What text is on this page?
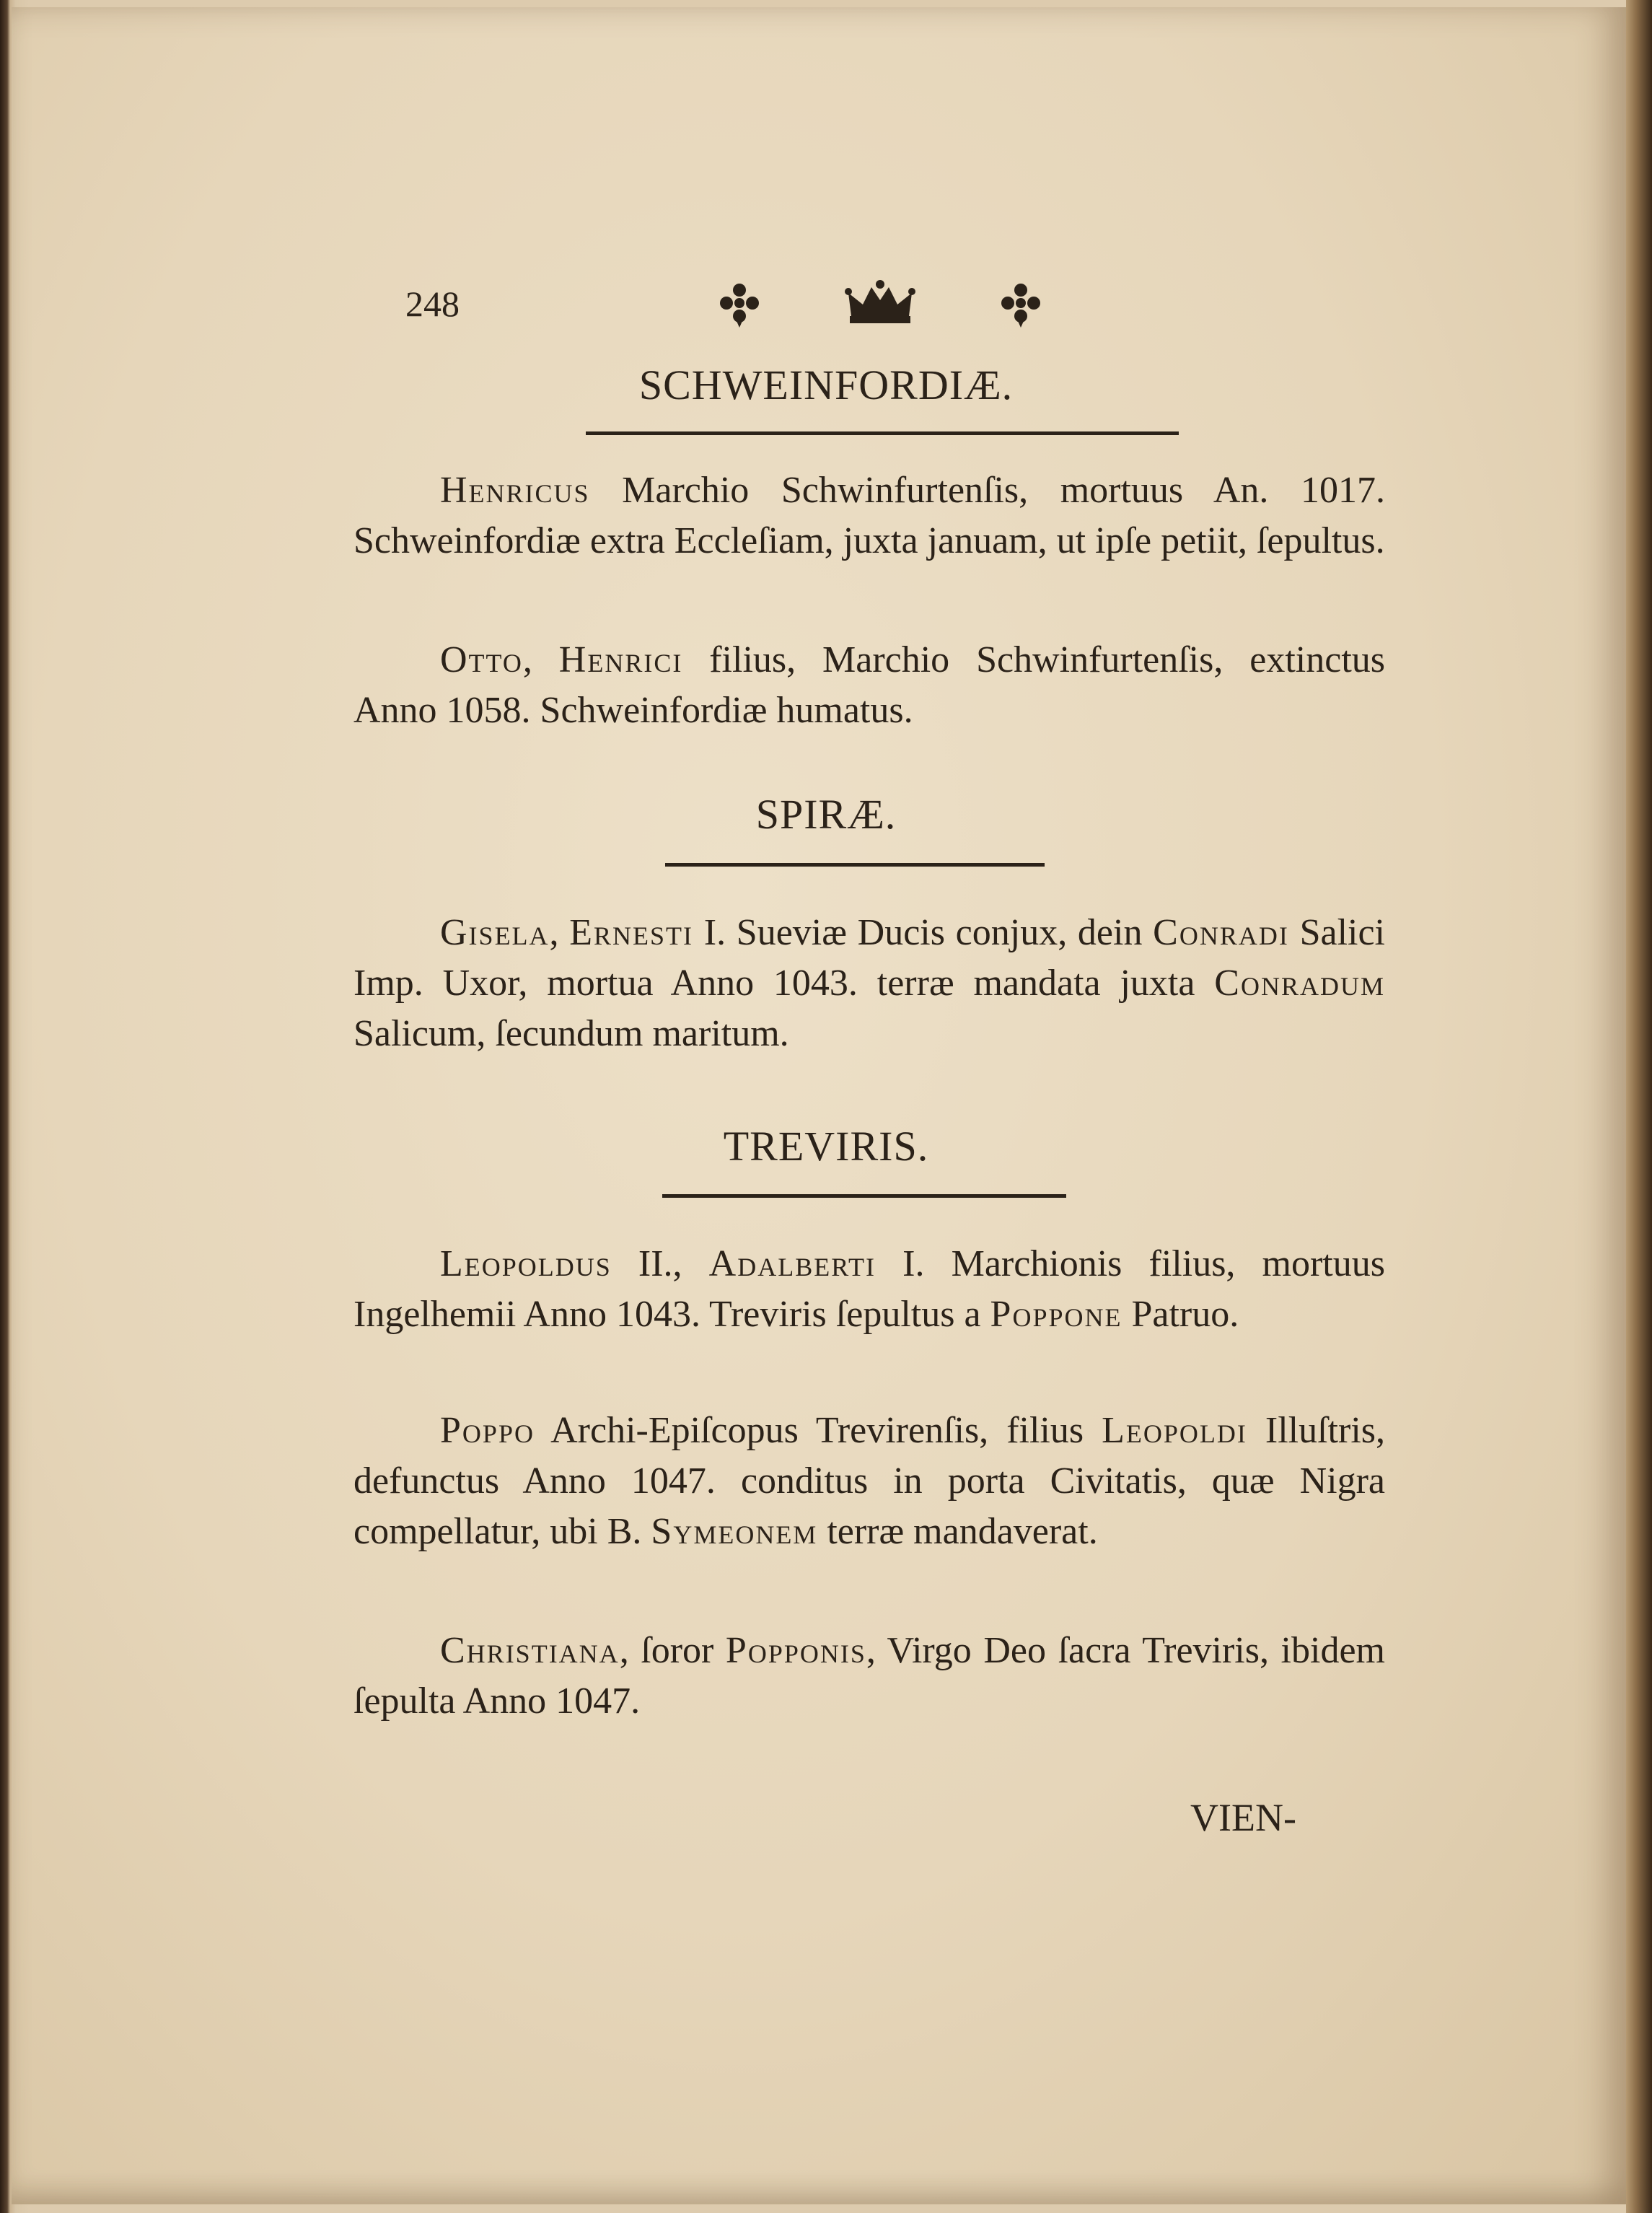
248
SCHWEINFORDIÆ.
Henricus Marchio Schwinfurtenſis, mortuus An. 1017. Schweinfordiæ extra Eccleſiam, juxta januam, ut ipſe petiit, ſepultus.
Otto, Henrici filius, Marchio Schwinfurtenſis, extinctus Anno 1058. Schweinfordiæ humatus.
SPIRÆ.
Gisela, Ernesti I. Sueviæ Ducis conjux, dein Conradi Salici Imp. Uxor, mortua Anno 1043. terræ mandata juxta Conradum Salicum, ſecundum maritum.
TREVIRIS.
Leopoldus II., Adalberti I. Marchionis filius, mortuus Ingelhemii Anno 1043. Treviris ſepultus a Poppone Patruo.
Poppo Archi-Epiſcopus Trevirenſis, filius Leopoldi Illuſtris, defunctus Anno 1047. conditus in porta Civitatis, quæ Nigra compellatur, ubi B. Symeonem terræ mandaverat.
Christiana, ſoror Popponis, Virgo Deo ſacra Treviris, ibidem ſepulta Anno 1047.
VIEN-
